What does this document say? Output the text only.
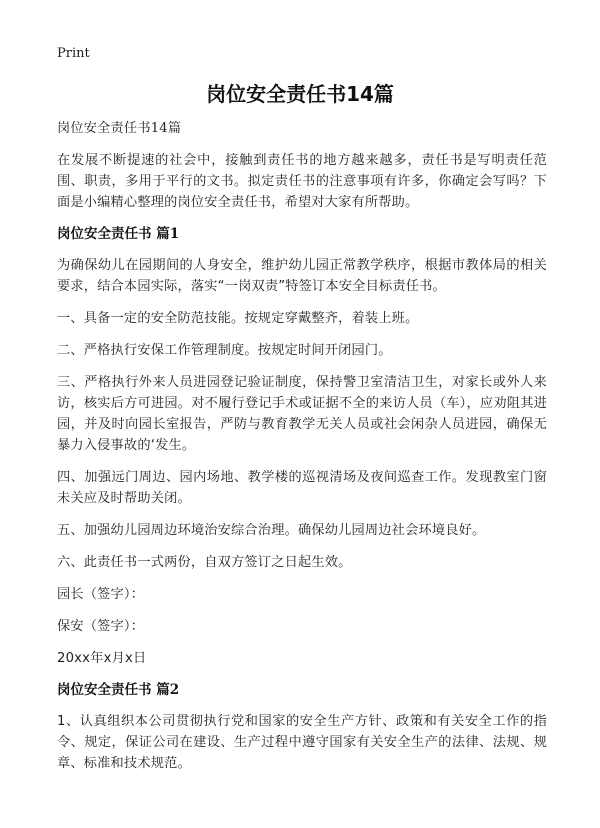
Print
岗位安全责任书14篇

岗位安全责任书14篇

在发展不断提速的社会中，接触到责任书的地方越来越多，责任书是写明责任范围、职责，多用于平行的文书。拟定责任书的注意事项有许多，你确定会写吗？下面是小编精心整理的岗位安全责任书，希望对大家有所帮助。

岗位安全责任书 篇1

为确保幼儿在园期间的人身安全，维护幼儿园正常教学秩序，根据市教体局的相关要求，结合本园实际，落实“一岗双责”特签订本安全目标责任书。

一、具备一定的安全防范技能。按规定穿戴整齐，着装上班。

二、严格执行安保工作管理制度。按规定时间开闭园门。

三、严格执行外来人员进园登记验证制度，保持警卫室清洁卫生，对家长或外人来访，核实后方可进园。对不履行登记手术或证据不全的来访人员（车），应劝阻其进园，并及时向园长室报告，严防与教育教学无关人员或社会闲杂人员进园，确保无暴力入侵事故的‘发生。

四、加强远门周边、园内场地、教学楼的巡视清场及夜间巡查工作。发现教室门窗未关应及时帮助关闭。

五、加强幼儿园周边环境治安综合治理。确保幼儿园周边社会环境良好。

六、此责任书一式两份，自双方签订之日起生效。

园长（签字）：

保安（签字）：

20xx年x月x日

岗位安全责任书 篇2

1、认真组织本公司贯彻执行党和国家的安全生产方针、政策和有关安全工作的指令、规定，保证公司在建设、生产过程中遵守国家有关安全生产的法律、法规、规章、标准和技术规范。
